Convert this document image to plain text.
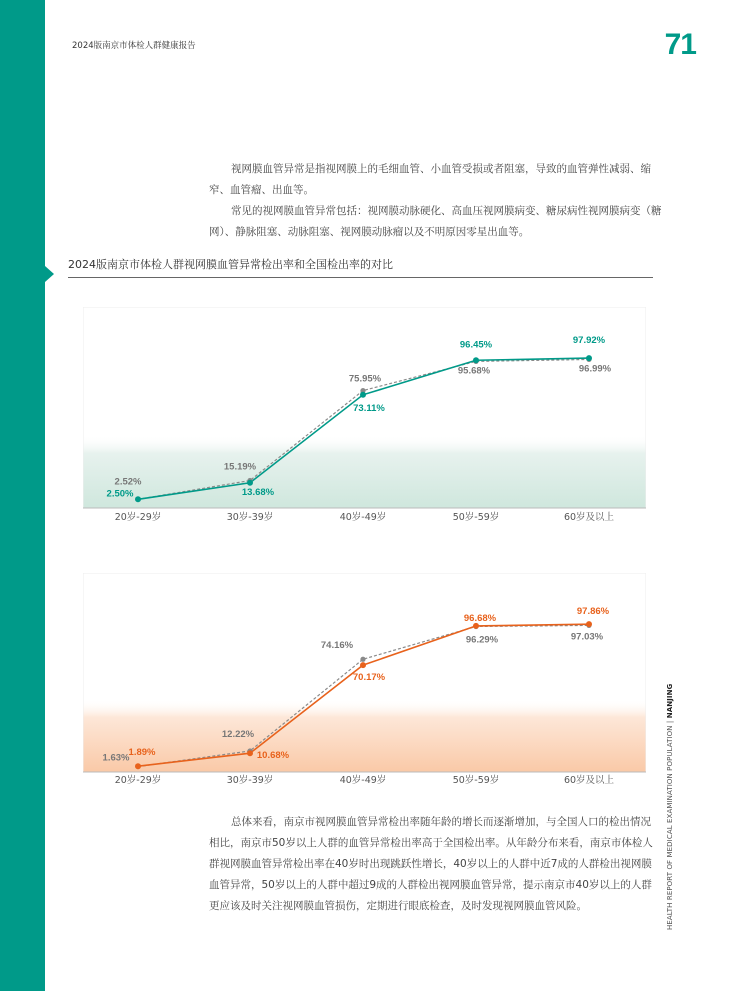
2024版南京市体检人群健康报告	71
视网膜血管异常是指视网膜上的毛细血管、小血管受损或者阻塞，导致的血管弹性减弱、缩窄、血管瘤、出血等。
常见的视网膜血管异常包括：视网膜动脉硬化、高血压视网膜病变、糖尿病性视网膜病变（糖网）、静脉阻塞、动脉阻塞、视网膜动脉瘤以及不明原因零星出血等。
2024版南京市体检人群视网膜血管异常检出率和全国检出率的对比

20岁-29岁	30岁-39岁	40岁-49岁	50岁-59岁	60岁及以上
2.52%
15.19%
75.95%
95.68%	96.99%
2.50%	13.68%
73.11%
96.45%	97.92%

20岁-29岁	30岁-39岁	40岁-49岁	50岁-59岁	60岁及以上
1.63%
12.22%
74.16%
96.29%	97.03%
1.89%	10.68%
70.17%
96.68%
97.86%
总体来看，南京市视网膜血管异常检出率随年龄的增长而逐渐增加，与全国人口的检出情况相比，南京市50岁以上人群的血管异常检出率高于全国检出率。从年龄分布来看，南京市体检人群视网膜血管异常检出率在40岁时出现跳跃性增长，40岁以上的人群中近7成的人群检出视网膜血管异常，50岁以上的人群中超过9成的人群检出视网膜血管异常，提示南京市40岁以上的人群更应该及时关注视网膜血管损伤，定期进行眼底检查，及时发现视网膜血管风险。	HEALTH REPORT OF MEDICAL EXAMINATION POPULATION | NANJING
